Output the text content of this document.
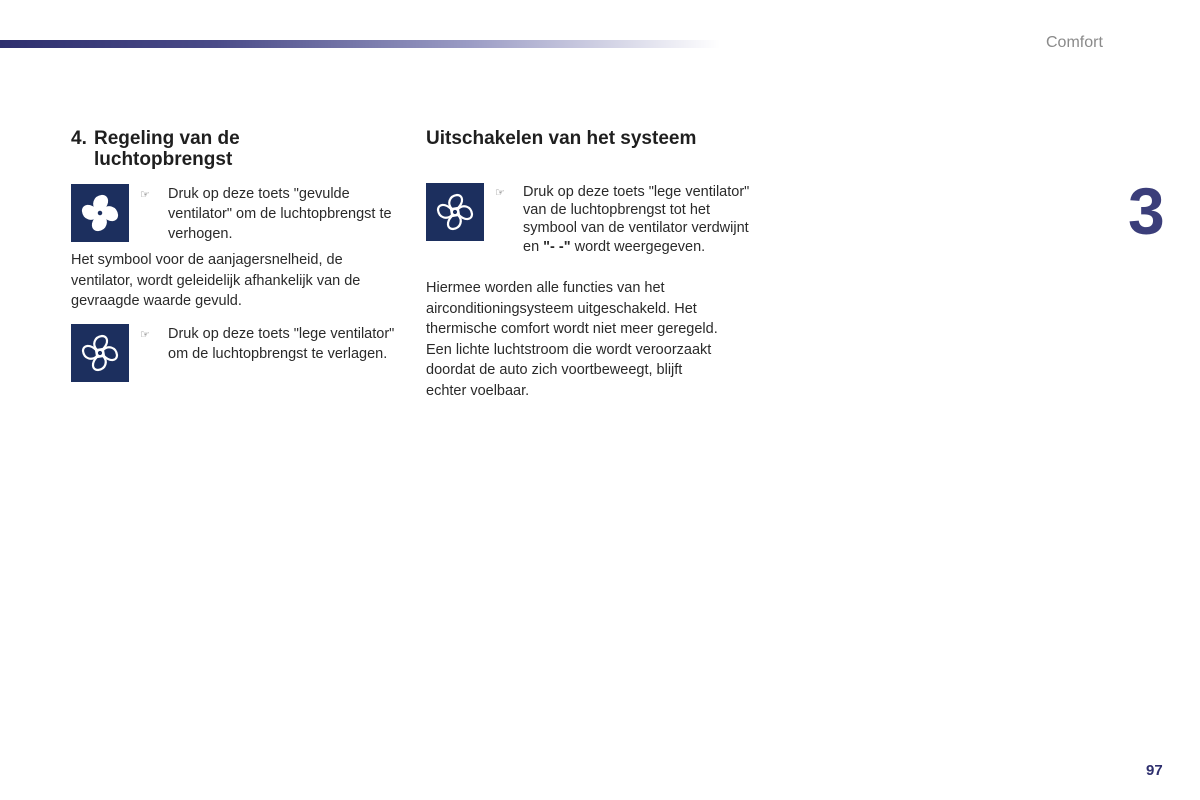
Comfort
3
4. Regeling van de
luchtopbrengst
☞ Druk op deze toets "gevulde ventilator" om de luchtopbrengst te verhogen.

Het symbool voor de aanjagersnelheid, de ventilator, wordt geleidelijk afhankelijk van de gevraagde waarde gevuld.

☞ Druk op deze toets "lege ventilator" om de luchtopbrengst te verlagen.
Uitschakelen van het systeem
☞ Druk op deze toets "lege ventilator" van de luchtopbrengst tot het symbool van de ventilator verdwijnt en "- -" wordt weergegeven.

Hiermee worden alle functies van het airconditioningsysteem uitgeschakeld. Het thermische comfort wordt niet meer geregeld. Een lichte luchtstroom die wordt veroorzaakt doordat de auto zich voortbeweegt, blijft echter voelbaar.

97
